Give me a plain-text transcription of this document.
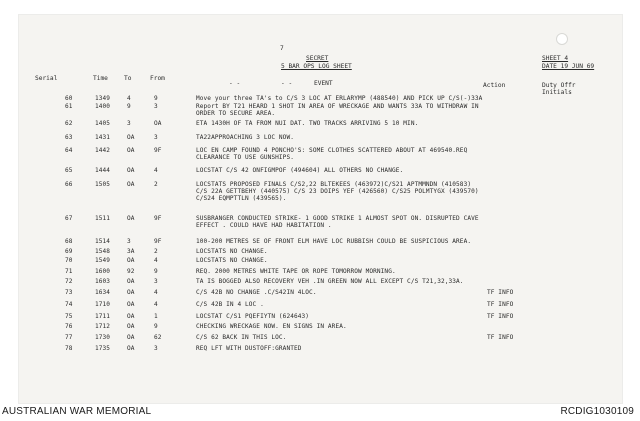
7
SECRET
5 BAR OPS LOG SHEET
SHEET 4
DATE 19 JUN 69
Duty Offr
Initials
Serial	Time	To	From
- -	- -	EVENT	Action
60	1349	4	9	Move your three TA's to C/S 3 LOC AT ERLARYMP (488540) AND PICK UP C/S(-)33A
61	1400	9	3	Report BY T21 HEARD 1 SHOT IN AREA OF WRECKAGE AND WANTS 33A TO WITHDRAW IN
ORDER TO SECURE AREA.
62	1405	3	OA	ETA 1430H OF TA FROM NUI DAT. TWO TRACKS ARRIVING 5 10 MIN.
63	1431	OA	3	TA22APPROACHING 3 LOC NOW.
64	1442	OA	9F	LOC EN CAMP FOUND 4 PONCHO'S: SOME CLOTHES SCATTERED ABOUT AT 469540.REQ
CLEARANCE TO USE GUNSHIPS.
65	1444	OA	4	LOCSTAT C/S 42 ONFIGMPOF (494604) ALL OTHERS NO CHANGE.
66	1505	OA	2	LOCSTATS PROPOSED FINALS C/S2,22 BLTEKEES (463972)C/S21 APTMMNDN (410583)
C/S 22A GETTBEHY (440575) C/S 23 DOIPS YEF (426560) C/S25 POLMTYGX (439570)
C/S24 EQMPTTLN (439565).
67	1511	OA	9F	SUSBRANGER CONDUCTED STRIKE- 1 GOOD STRIKE 1 ALMOST SPOT ON. DISRUPTED CAVE
EFFECT . COULD HAVE HAD HABITATION .
68	1514	3	9F	100-200 METRES SE OF FRONT ELM HAVE LOC RUBBISH COULD BE SUSPICIOUS AREA.
69	1548	3A	2	LOCSTATS NO CHANGE.
70	1549	OA	4	LOCSTATS NO CHANGE.
71	1600	92	9	REQ. 2000 METRES WHITE TAPE OR ROPE TOMORROW MORNING.
72	1603	OA	3	TA IS BOGGED ALSO RECOVERY VEH .IN GREEN NOW ALL EXCEPT C/S T21,32,33A.
73	1634	OA	4	C/S 42B NO CHANGE .C/S42IN 4LOC.	TF INFO
74	1710	OA	4	C/S 42B IN 4 LOC .	TF INFO
75	1711	OA	1	LOCSTAT C/S1 PQEFIYTN (624643)	TF INFO
76	1712	OA	9	CHECKING WRECKAGE NOW. EN SIGNS IN AREA.
77	1730	OA	62	C/S 62 BACK IN THIS LOC.	TF INFO
78	1735	OA	3	REQ LFT WITH DUSTOFF:GRANTED
AUSTRALIAN WAR MEMORIAL	RCDIG1030109
